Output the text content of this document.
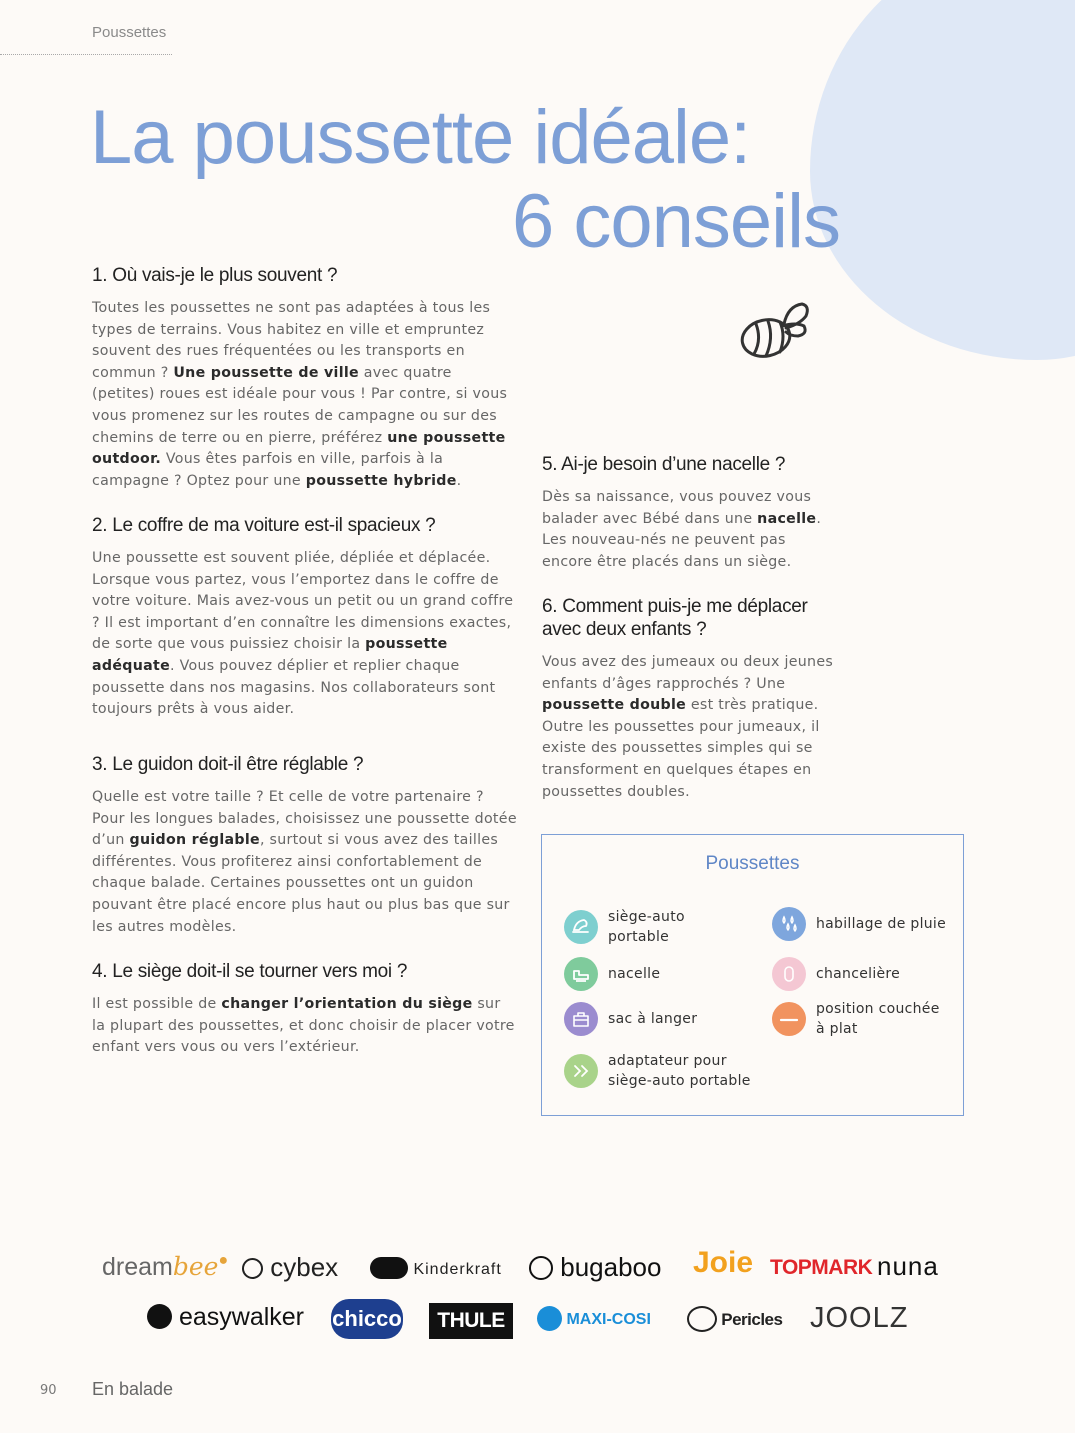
Poussettes
La poussette idéale:
6 conseils
1. Où vais-je le plus souvent ?

Toutes les poussettes ne sont pas adaptées à tous les types de terrains. Vous habitez en ville et empruntez souvent des rues fréquentées ou les transports en commun ? Une poussette de ville avec quatre (petites) roues est idéale pour vous ! Par contre, si vous vous promenez sur les routes de campagne ou sur des chemins de terre ou en pierre, préférez une poussette outdoor. Vous êtes parfois en ville, parfois à la campagne ? Optez pour une poussette hybride.

2. Le coffre de ma voiture est-il spacieux ?

Une poussette est souvent pliée, dépliée et déplacée. Lorsque vous partez, vous l’emportez dans le coffre de votre voiture. Mais avez-vous un petit ou un grand coffre ? Il est important d’en connaître les dimensions exactes, de sorte que vous puissiez choisir la poussette adéquate. Vous pouvez déplier et replier chaque poussette dans nos magasins. Nos collaborateurs sont toujours prêts à vous aider.

3. Le guidon doit-il être réglable ?

Quelle est votre taille ? Et celle de votre partenaire ? Pour les longues balades, choisissez une poussette dotée d’un guidon réglable, surtout si vous avez des tailles différentes. Vous profiterez ainsi confortablement de chaque balade. Certaines poussettes ont un guidon pouvant être placé encore plus haut ou plus bas que sur les autres modèles.

4. Le siège doit-il se tourner vers moi ?

Il est possible de changer l’orientation du siège sur la plupart des poussettes, et donc choisir de placer votre enfant vers vous ou vers l’extérieur.

5. Ai-je besoin d’une nacelle ?

Dès sa naissance, vous pouvez vous balader avec Bébé dans une nacelle. Les nouveau-nés ne peuvent pas encore être placés dans un siège.

6. Comment puis-je me déplacer avec deux enfants ?

Vous avez des jumeaux ou deux jeunes enfants d’âges rapprochés ? Une poussette double est très pratique. Outre les poussettes pour jumeaux, il existe des poussettes simples qui se transforment en quelques étapes en poussettes doubles.

Poussettes
siège-auto portable
nacelle
sac à langer
adaptateur pour siège-auto portable
habillage de pluie
chancelière
position couchée à plat
dreambee●	cybex	Kinderkraft	bugaboo Joie TOPMARK nuna
easywalker chicco	THULE	MAXI-COSI	Pericles JOOLZ
90 En balade
